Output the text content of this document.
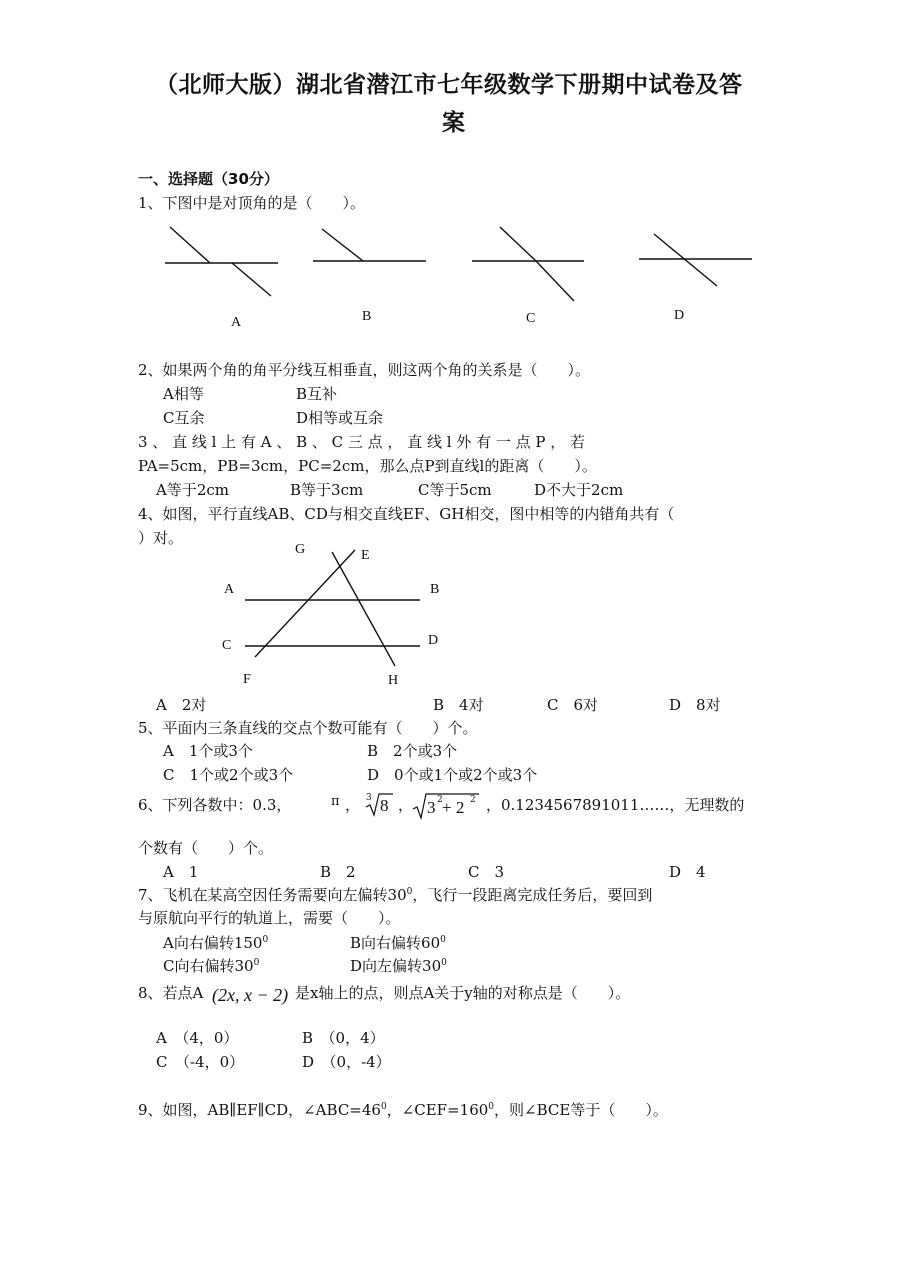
（北师大版）湖北省潜江市七年级数学下册期中试卷及答
案
一、选择题（30分）
1、下图中是对顶角的是（　　）。
A	B	C	D
2、如果两个角的角平分线互相垂直，则这两个角的关系是（　　）。
A相等	B互补
C互余	D相等或互余
3 、 直 线 l 上 有 A 、 B 、 C 三 点 ， 直 线 l 外 有 一 点 P ， 若
PA=5cm，PB=3cm，PC=2cm，那么点P到直线l的距离（　　）。
A等于2cm	B等于3cm	C等于5cm	D不大于2cm
4、如图，平行直线AB、CD与相交直线EF、GH相交，图中相等的内错角共有（
）对。
G	E
A	B
C	D
F	H
A　2对	B　4对	C　6对	D　8对
5、平面内三条直线的交点个数可能有（　　）个。
A　1个或3个	B　2个或3个
C　1个或2个或3个	D　0个或1个或2个或3个
6、下列各数中：0.3，	π ， 3 8 ， 3 2 + 2 2 ，0.1234567891011……，无理数的
个数有（　　）个。
A　1	B　2	C　3	D　4
7、飞机在某高空因任务需要向左偏转$30^0$，飞行一段距离完成任务后，要回到
与原航向平行的轨道上，需要（　　）。
A向右偏转$150^0$	B向右偏转$60^0$
C向右偏转$30^0$	D向左偏转$30^0$
8、若点A (2x, x − 2) 是x轴上的点，则点A关于y轴的对称点是（　　）。
A　（4，0）	B　（0，4）
C　（-4，0）	D　（0，-4）
9、如图，AB∥EF∥CD，$\angle ABC=46^0$，$\angle CEF=160^0$，则∠BCE等于（　　）。
